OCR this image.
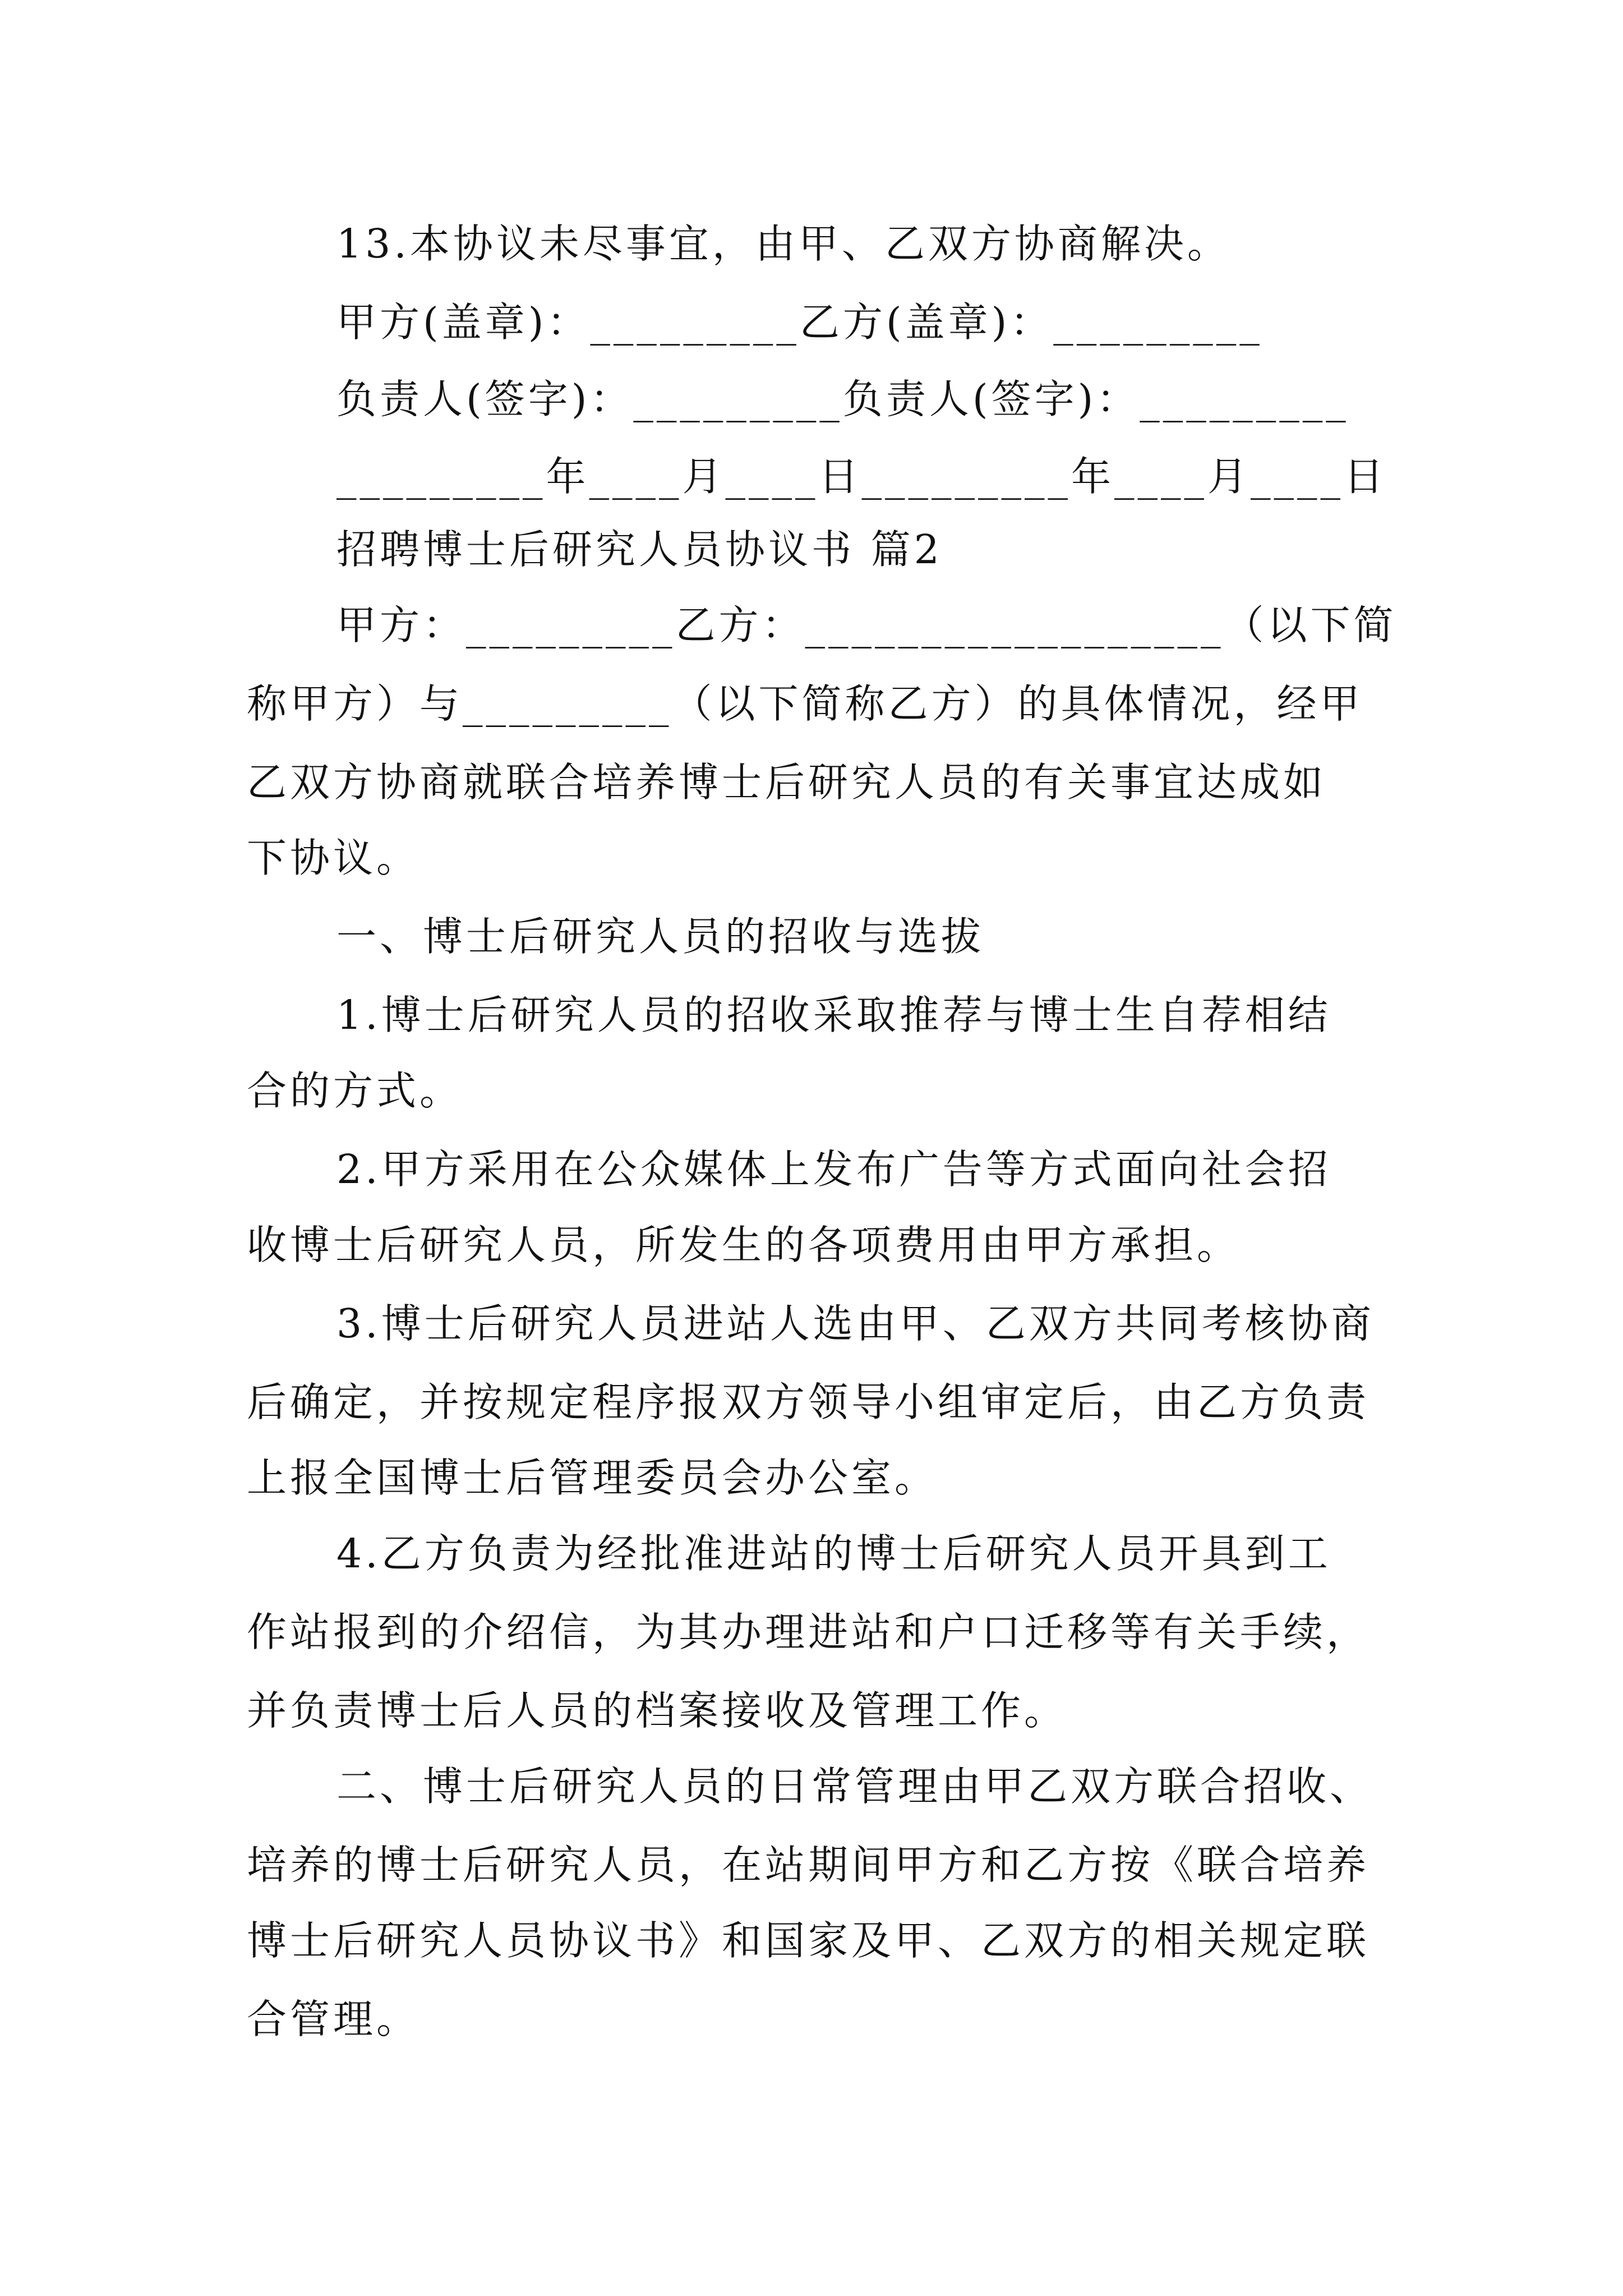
13.本协议未尽事宜，由甲、乙双方协商解决。
甲方(盖章)：_________乙方(盖章)：_________
负责人(签字)：_________负责人(签字)：_________
_________年____月____日_________年____月____日
招聘博士后研究人员协议书 篇2
甲方：_________乙方：__________________（以下简
称甲方）与_________（以下简称乙方）的具体情况，经甲
乙双方协商就联合培养博士后研究人员的有关事宜达成如
下协议。
一、博士后研究人员的招收与选拔
1.博士后研究人员的招收采取推荐与博士生自荐相结
合的方式。
2.甲方采用在公众媒体上发布广告等方式面向社会招
收博士后研究人员，所发生的各项费用由甲方承担。
3.博士后研究人员进站人选由甲、乙双方共同考核协商
后确定，并按规定程序报双方领导小组审定后，由乙方负责
上报全国博士后管理委员会办公室。
4.乙方负责为经批准进站的博士后研究人员开具到工
作站报到的介绍信，为其办理进站和户口迁移等有关手续，
并负责博士后人员的档案接收及管理工作。
二、博士后研究人员的日常管理由甲乙双方联合招收、
培养的博士后研究人员，在站期间甲方和乙方按《联合培养
博士后研究人员协议书》和国家及甲、乙双方的相关规定联
合管理。
